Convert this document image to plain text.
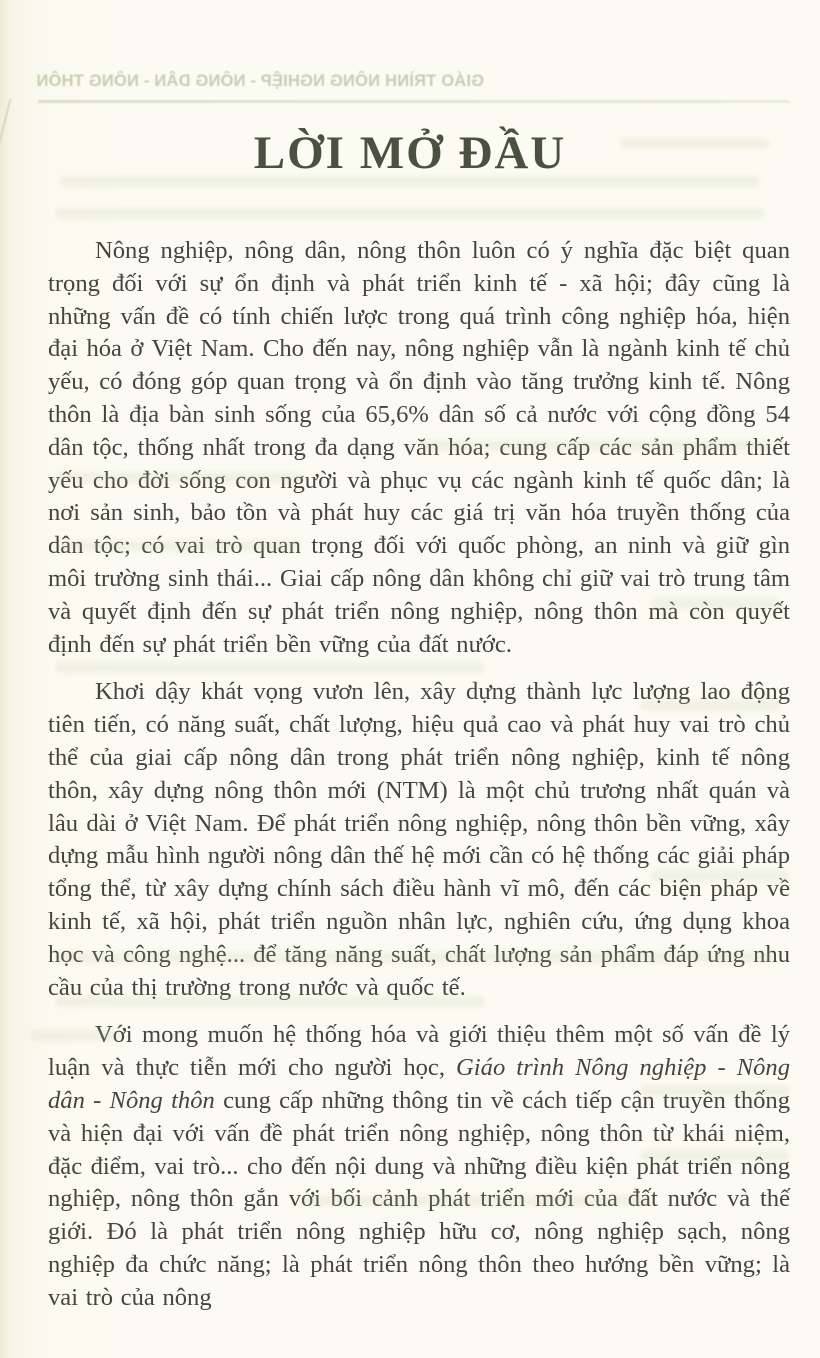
GIÁO TRÌNH NÔNG NGHIỆP - NÔNG DÂN - NÔNG THÔN
LỜI MỞ ĐẦU

Nông nghiệp, nông dân, nông thôn luôn có ý nghĩa đặc biệt quan trọng đối với sự ổn định và phát triển kinh tế - xã hội; đây cũng là những vấn đề có tính chiến lược trong quá trình công nghiệp hóa, hiện đại hóa ở Việt Nam. Cho đến nay, nông nghiệp vẫn là ngành kinh tế chủ yếu, có đóng góp quan trọng và ổn định vào tăng trưởng kinh tế. Nông thôn là địa bàn sinh sống của 65,6% dân số cả nước với cộng đồng 54 dân tộc, thống nhất trong đa dạng văn hóa; cung cấp các sản phẩm thiết yếu cho đời sống con người và phục vụ các ngành kinh tế quốc dân; là nơi sản sinh, bảo tồn và phát huy các giá trị văn hóa truyền thống của dân tộc; có vai trò quan trọng đối với quốc phòng, an ninh và giữ gìn môi trường sinh thái... Giai cấp nông dân không chỉ giữ vai trò trung tâm và quyết định đến sự phát triển nông nghiệp, nông thôn mà còn quyết định đến sự phát triển bền vững của đất nước.

Khơi dậy khát vọng vươn lên, xây dựng thành lực lượng lao động tiên tiến, có năng suất, chất lượng, hiệu quả cao và phát huy vai trò chủ thể của giai cấp nông dân trong phát triển nông nghiệp, kinh tế nông thôn, xây dựng nông thôn mới (NTM) là một chủ trương nhất quán và lâu dài ở Việt Nam. Để phát triển nông nghiệp, nông thôn bền vững, xây dựng mẫu hình người nông dân thế hệ mới cần có hệ thống các giải pháp tổng thể, từ xây dựng chính sách điều hành vĩ mô, đến các biện pháp về kinh tế, xã hội, phát triển nguồn nhân lực, nghiên cứu, ứng dụng khoa học và công nghệ... để tăng năng suất, chất lượng sản phẩm đáp ứng nhu cầu của thị trường trong nước và quốc tế.

Với mong muốn hệ thống hóa và giới thiệu thêm một số vấn đề lý luận và thực tiễn mới cho người học, Giáo trình Nông nghiệp - Nông dân - Nông thôn cung cấp những thông tin về cách tiếp cận truyền thống và hiện đại với vấn đề phát triển nông nghiệp, nông thôn từ khái niệm, đặc điểm, vai trò... cho đến nội dung và những điều kiện phát triển nông nghiệp, nông thôn gắn với bối cảnh phát triển mới của đất nước và thế giới. Đó là phát triển nông nghiệp hữu cơ, nông nghiệp sạch, nông nghiệp đa chức năng; là phát triển nông thôn theo hướng bền vững; là vai trò của nông
